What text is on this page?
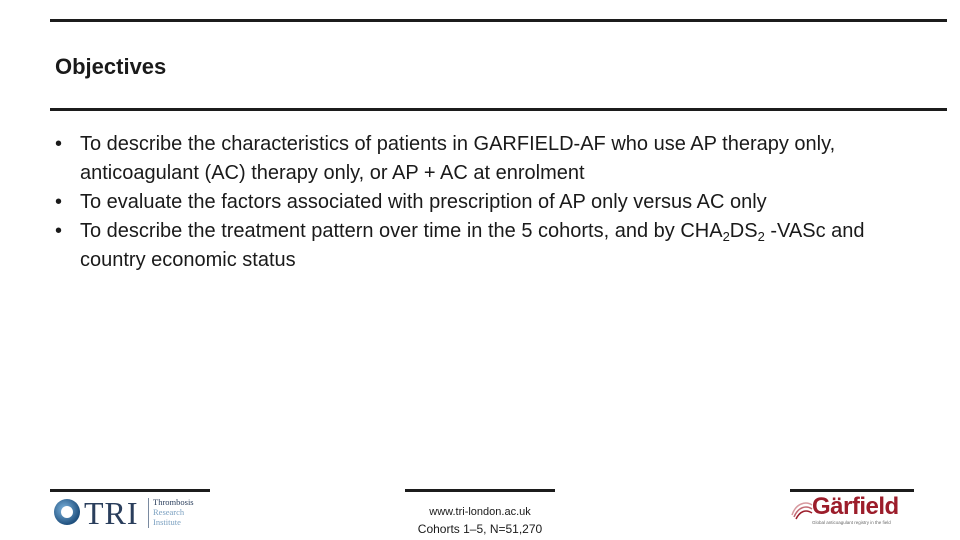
Objectives
• To describe the characteristics of patients in GARFIELD-AF who use AP therapy only, anticoagulant (AC) therapy only, or AP + AC at enrolment
• To evaluate the factors associated with prescription of AP only versus AC only
• To describe the treatment pattern over time in the 5 cohorts, and by $CHA_2DS_2$ -VASc and country economic status
TRI Thrombosis
Research
Institute
www.tri-london.ac.uk
Cohorts 1–5, N=51,270
Gärfield
Global anticoagulant registry in the field
